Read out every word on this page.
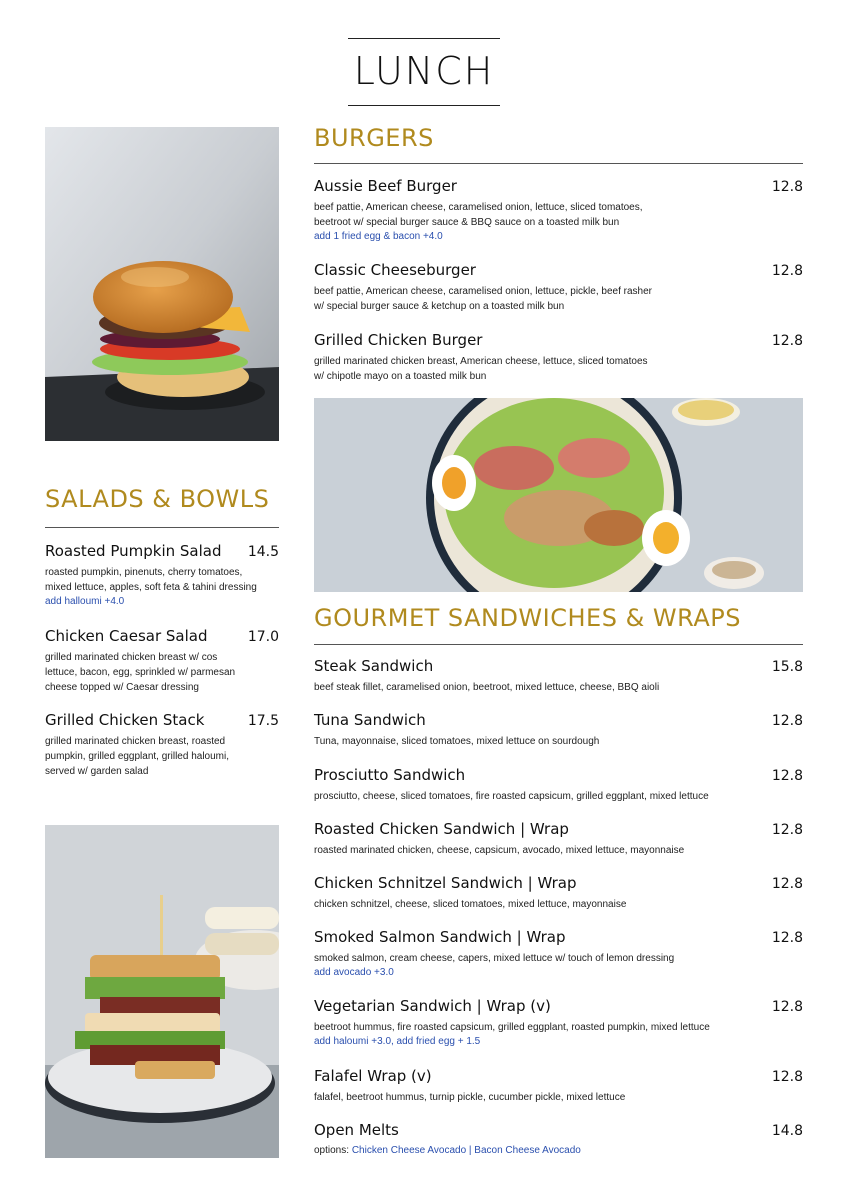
LUNCH
BURGERS
Aussie Beef Burger	12.8
beef pattie, American cheese, caramelised onion, lettuce, sliced tomatoes,
beetroot w/ special burger sauce & BBQ sauce on a toasted milk bun
add 1 fried egg & bacon +4.0
Classic Cheeseburger	12.8
beef pattie, American cheese, caramelised onion, lettuce, pickle, beef rasher
w/ special burger sauce & ketchup on a toasted milk bun
Grilled Chicken Burger	12.8
grilled marinated chicken breast, American cheese, lettuce, sliced tomatoes
w/ chipotle mayo on a toasted milk bun
SALADS & BOWLS
Roasted Pumpkin Salad 14.5
roasted pumpkin, pinenuts, cherry tomatoes,
mixed lettuce, apples, soft feta & tahini dressing
add halloumi +4.0
Chicken Caesar Salad	17.0
grilled marinated chicken breast w/ cos
lettuce, bacon, egg, sprinkled w/ parmesan
cheese topped w/ Caesar dressing
Grilled Chicken Stack	17.5
grilled marinated chicken breast, roasted
pumpkin, grilled eggplant, grilled haloumi,
served w/ garden salad
GOURMET SANDWICHES & WRAPS
Steak Sandwich	15.8
beef steak fillet, caramelised onion, beetroot, mixed lettuce, cheese, BBQ aioli
Tuna Sandwich	12.8
Tuna, mayonnaise, sliced tomatoes, mixed lettuce on sourdough
Prosciutto Sandwich	12.8
prosciutto, cheese, sliced tomatoes, fire roasted capsicum, grilled eggplant, mixed lettuce
Roasted Chicken Sandwich | Wrap	12.8
roasted marinated chicken, cheese, capsicum, avocado, mixed lettuce, mayonnaise
Chicken Schnitzel Sandwich | Wrap	12.8
chicken schnitzel, cheese, sliced tomatoes, mixed lettuce, mayonnaise
Smoked Salmon Sandwich | Wrap	12.8
smoked salmon, cream cheese, capers, mixed lettuce w/ touch of lemon dressing
add avocado +3.0
Vegetarian Sandwich | Wrap (v)	12.8
beetroot hummus, fire roasted capsicum, grilled eggplant, roasted pumpkin, mixed lettuce
add haloumi +3.0, add fried egg + 1.5
Falafel Wrap (v)	12.8
falafel, beetroot hummus, turnip pickle, cucumber pickle, mixed lettuce
Open Melts	14.8
options: Chicken Cheese Avocado | Bacon Cheese Avocado
